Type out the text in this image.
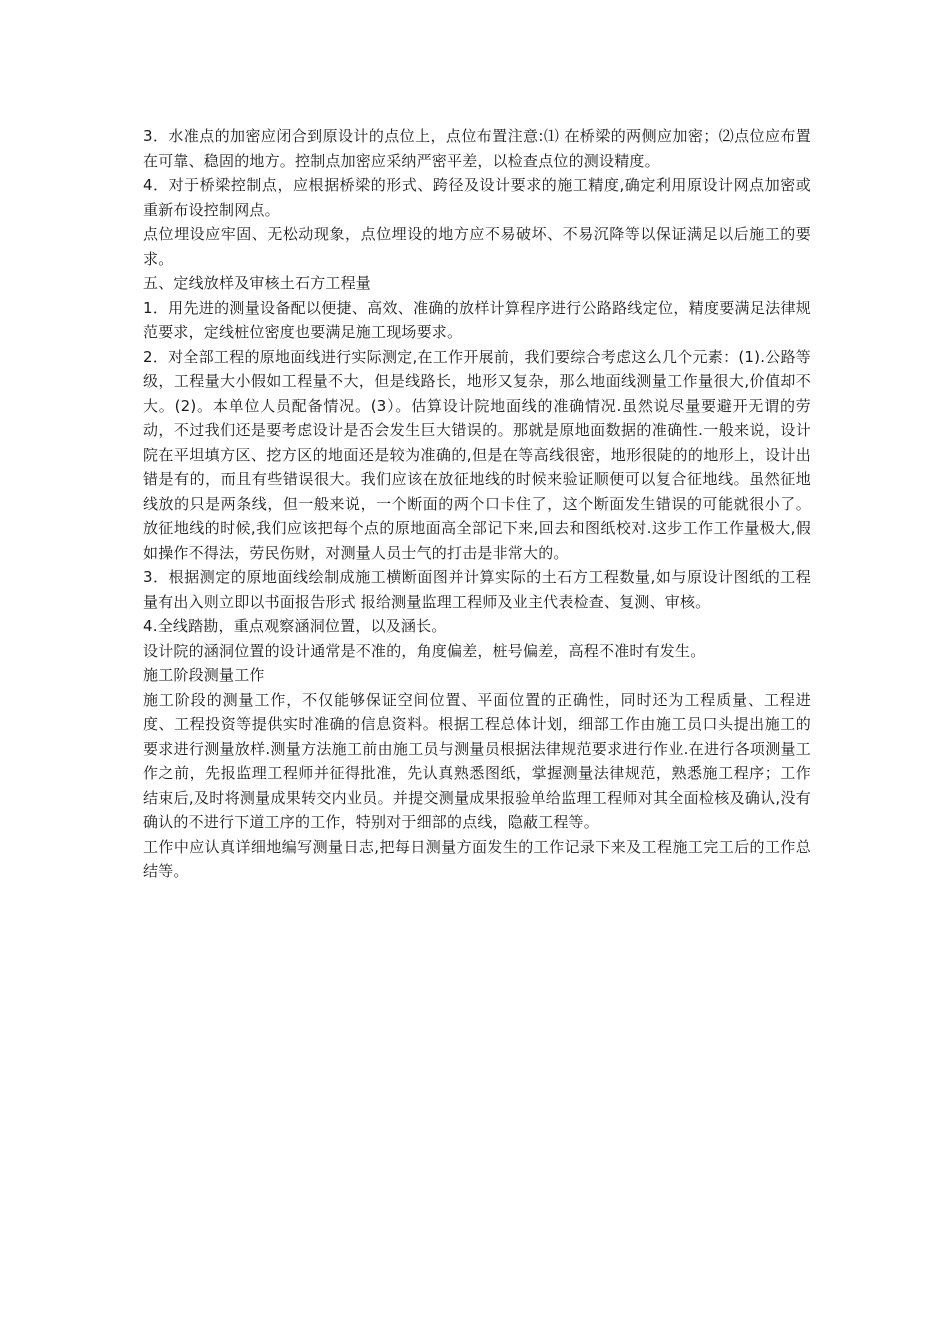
3．水准点的加密应闭合到原设计的点位上，点位布置注意:⑴ 在桥梁的两侧应加密；⑵点位应布置在可靠、稳固的地方。控制点加密应采纳严密平差，以检查点位的测设精度。

4．对于桥梁控制点，应根据桥梁的形式、跨径及设计要求的施工精度,确定利用原设计网点加密或重新布设控制网点。

点位埋设应牢固、无松动现象，点位埋设的地方应不易破坏、不易沉降等以保证满足以后施工的要求。

五、定线放样及审核土石方工程量

1．用先进的测量设备配以便捷、高效、准确的放样计算程序进行公路路线定位，精度要满足法律规范要求，定线桩位密度也要满足施工现场要求。

2．对全部工程的原地面线进行实际测定,在工作开展前，我们要综合考虑这么几个元素：(1).公路等级，工程量大小假如工程量不大，但是线路长，地形又复杂，那么地面线测量工作量很大,价值却不大。(2)。本单位人员配备情况。(3）。估算设计院地面线的准确情况.虽然说尽量要避开无谓的劳动，不过我们还是要考虑设计是否会发生巨大错误的。那就是原地面数据的准确性.一般来说，设计院在平坦填方区、挖方区的地面还是较为准确的,但是在等高线很密，地形很陡的的地形上，设计出错是有的，而且有些错误很大。我们应该在放征地线的时候来验证顺便可以复合征地线。虽然征地线放的只是两条线，但一般来说，一个断面的两个口卡住了，这个断面发生错误的可能就很小了。放征地线的时候,我们应该把每个点的原地面高全部记下来,回去和图纸校对.这步工作工作量极大,假如操作不得法，劳民伤财，对测量人员士气的打击是非常大的。

3．根据测定的原地面线绘制成施工横断面图并计算实际的土石方工程数量,如与原设计图纸的工程量有出入则立即以书面报告形式 报给测量监理工程师及业主代表检查、复测、审核。

4.全线踏勘，重点观察涵洞位置，以及涵长。

设计院的涵洞位置的设计通常是不准的，角度偏差，桩号偏差，高程不准时有发生。

施工阶段测量工作

施工阶段的测量工作，不仅能够保证空间位置、平面位置的正确性，同时还为工程质量、工程进度、工程投资等提供实时准确的信息资料。根据工程总体计划，细部工作由施工员口头提出施工的要求进行测量放样.测量方法施工前由施工员与测量员根据法律规范要求进行作业.在进行各项测量工作之前，先报监理工程师并征得批准，先认真熟悉图纸，掌握测量法律规范，熟悉施工程序；工作结束后,及时将测量成果转交内业员。并提交测量成果报验单给监理工程师对其全面检核及确认,没有确认的不进行下道工序的工作，特别对于细部的点线，隐蔽工程等。

工作中应认真详细地编写测量日志,把每日测量方面发生的工作记录下来及工程施工完工后的工作总结等。
